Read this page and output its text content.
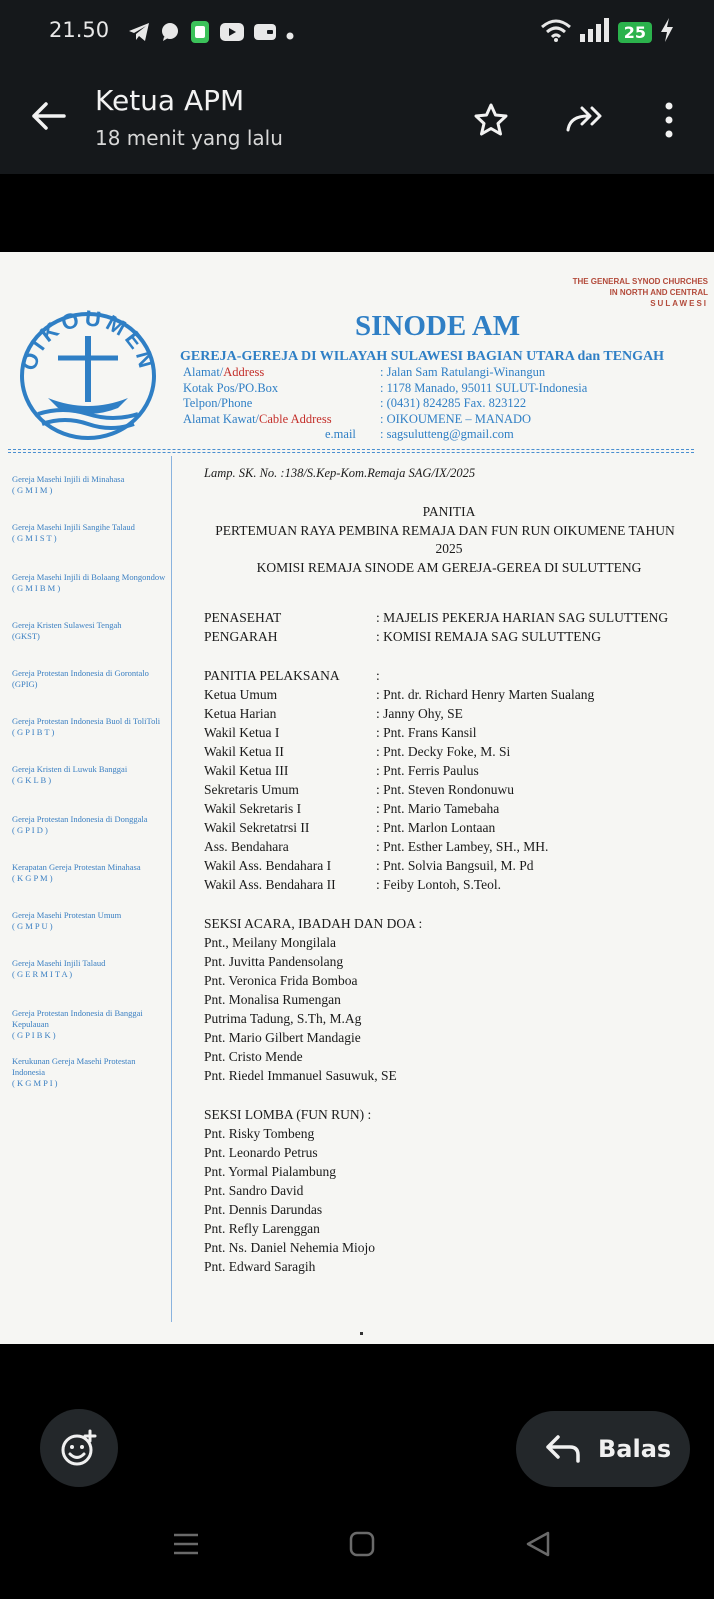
21.50	25
Ketua APM
18 menit yang lalu
THE GENERAL SYNOD CHURCHES
IN NORTH AND CENTRAL
SULAWESI
OIKOUMEN
SINODE AM
GEREJA-GEREJA DI WILAYAH SULAWESI BAGIAN UTARA dan TENGAH
Alamat/Address	: Jalan Sam Ratulangi-Winangun
Kotak Pos/PO.Box	: 1178 Manado, 95011 SULUT-Indonesia
Telpon/Phone	: (0431) 824285 Fax. 823122
Alamat Kawat/Cable Address	: OIKOUMENE – MANADO
e.mail : sagsulutteng@gmail.com
Gereja Masehi Injili di Minahasa
( G M I M )
Gereja Masehi Injili Sangihe Talaud
( G M I S T )
Gereja Masehi Injili di Bolaang Mongondow
( G M I B M )
Gereja Kristen Sulawesi Tengah
(GKST)
Gereja Protestan Indonesia di Gorontalo (GPIG)
Gereja Protestan Indonesia Buol di ToliToli
( G P I B T )
Gereja Kristen di Luwuk Banggai
( G K L B )
Gereja Protestan Indonesia di Donggala
( G P I D )
Kerapatan Gereja Protestan Minahasa
( K G P M )
Gereja Masehi Protestan Umum
( G M P U )
Gereja Masehi Injili Talaud
( G E R M I T A )
Gereja Protestan Indonesia di Banggai Kepulauan
( G P I B K )
Kerukunan Gereja Masehi Protestan Indonesia
( K G M P I )
Lamp. SK. No. :138/S.Kep-Kom.Remaja SAG/IX/2025
PANITIA
PERTEMUAN RAYA PEMBINA REMAJA DAN FUN RUN OIKUMENE TAHUN
2025
KOMISI REMAJA SINODE AM GEREJA-GEREA DI SULUTTENG
PENASEHAT	: MAJELIS PEKERJA HARIAN SAG SULUTTENG
PENGARAH	: KOMISI REMAJA SAG SULUTTENG
PANITIA PELAKSANA	:
Ketua Umum	: Pnt. dr. Richard Henry Marten Sualang
Ketua Harian	: Janny Ohy, SE
Wakil Ketua I	: Pnt. Frans Kansil
Wakil Ketua II	: Pnt. Decky Foke, M. Si
Wakil Ketua III	: Pnt. Ferris Paulus
Sekretaris Umum	: Pnt. Steven Rondonuwu
Wakil Sekretaris I	: Pnt. Mario Tamebaha
Wakil Sekretatrsi II	: Pnt. Marlon Lontaan
Ass. Bendahara	: Pnt. Esther Lambey, SH., MH.
Wakil Ass. Bendahara I	: Pnt. Solvia Bangsuil, M. Pd
Wakil Ass. Bendahara II	: Feiby Lontoh, S.Teol.
SEKSI ACARA, IBADAH DAN DOA :
Pnt., Meilany Mongilala
Pnt. Juvitta Pandensolang
Pnt. Veronica Frida Bomboa
Pnt. Monalisa Rumengan
Putrima Tadung, S.Th, M.Ag
Pnt. Mario Gilbert Mandagie
Pnt. Cristo Mende
Pnt. Riedel Immanuel Sasuwuk, SE
SEKSI LOMBA (FUN RUN) :
Pnt. Risky Tombeng
Pnt. Leonardo Petrus
Pnt. Yormal Pialambung
Pnt. Sandro David
Pnt. Dennis Darundas
Pnt. Refly Larenggan
Pnt. Ns. Daniel Nehemia Miojo
Pnt. Edward Saragih
Balas
